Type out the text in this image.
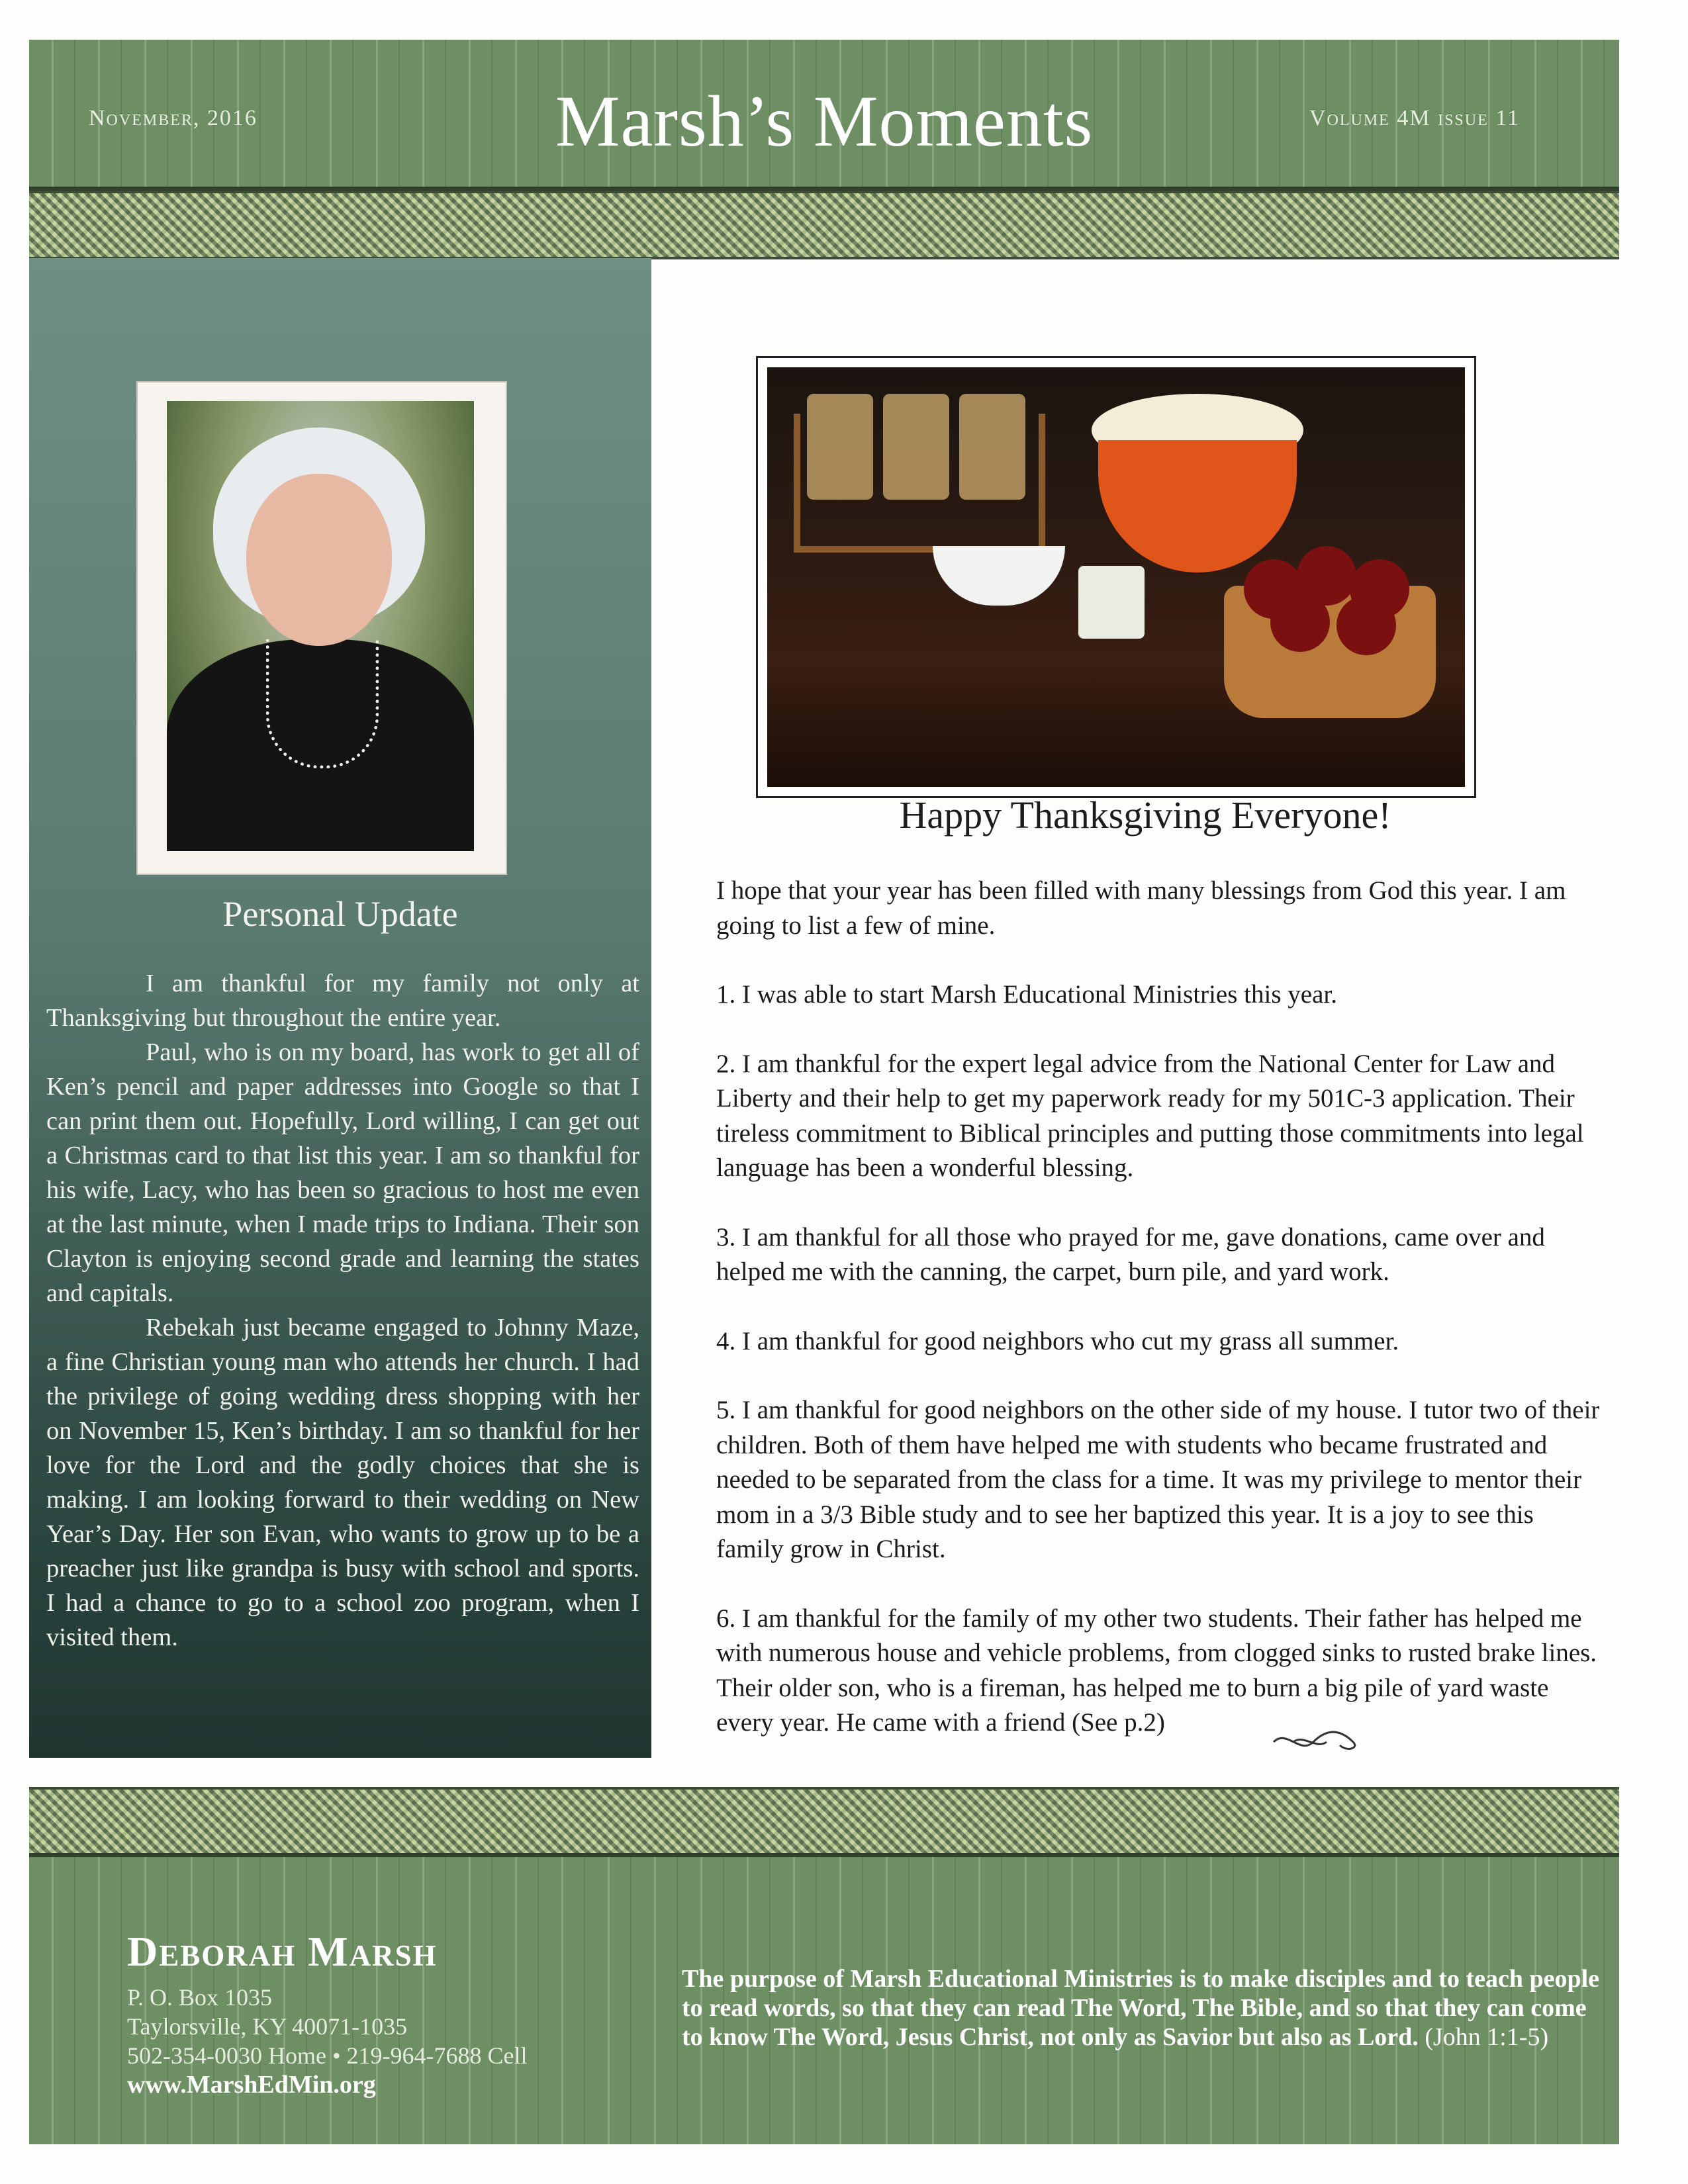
November, 2016	Marsh’s Moments	Volume 4M issue 11
Personal Update

I am thankful for my family not only at Thanksgiving but throughout the entire year.

Paul, who is on my board, has work to get all of Ken’s pencil and paper addresses into Google so that I can print them out. Hopefully, Lord willing, I can get out a Christmas card to that list this year. I am so thankful for his wife, Lacy, who has been so gracious to host me even at the last minute, when I made trips to Indiana. Their son Clayton is enjoying second grade and learning the states and capitals.

Rebekah just became engaged to Johnny Maze, a fine Christian young man who attends her church. I had the privilege of going wedding dress shopping with her on November 15, Ken’s birthday. I am so thankful for her love for the Lord and the godly choices that she is making. I am looking forward to their wedding on New Year’s Day. Her son Evan, who wants to grow up to be a preacher just like grandpa is busy with school and sports. I had a chance to go to a school zoo program, when I visited them.

Happy Thanksgiving Everyone!

I hope that your year has been filled with many blessings from God this year. I am going to list a few of mine.

1. I was able to start Marsh Educational Ministries this year.

2. I am thankful for the expert legal advice from the National Center for Law and Liberty and their help to get my paperwork ready for my 501C-3 application. Their tireless commitment to Biblical principles and putting those commitments into legal language has been a wonderful blessing.

3. I am thankful for all those who prayed for me, gave donations, came over and helped me with the canning, the carpet, burn pile, and yard work.

4. I am thankful for good neighbors who cut my grass all summer.

5. I am thankful for good neighbors on the other side of my house. I tutor two of their children. Both of them have helped me with students who became frustrated and needed to be separated from the class for a time. It was my privilege to mentor their mom in a 3/3 Bible study and to see her baptized this year. It is a joy to see this family grow in Christ.

6. I am thankful for the family of my other two students. Their father has helped me with numerous house and vehicle problems, from clogged sinks to rusted brake lines. Their older son, who is a fireman, has helped me to burn a big pile of yard waste every year. He came with a friend (See p.2)

Deborah Marsh
P. O. Box 1035
Taylorsville, KY 40071-1035
502-354-0030 Home • 219-964-7688 Cell
www.MarshEdMin.org
The purpose of Marsh Educational Ministries is to make disciples and to teach people to read words, so that they can read The Word, The Bible, and so that they can come to know The Word, Jesus Christ, not only as Savior but also as Lord. (John 1:1-5)
